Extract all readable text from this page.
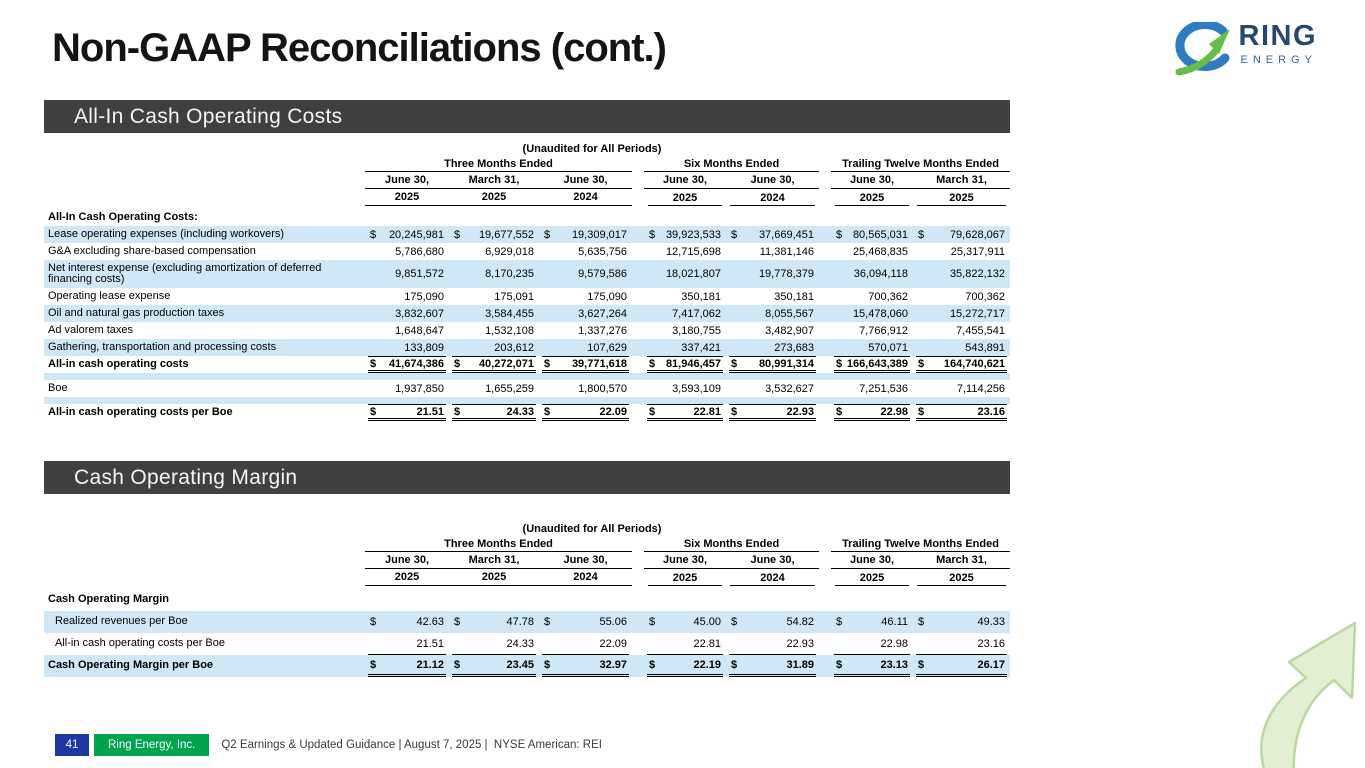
Non-GAAP Reconciliations (cont.)	RING
ENERGY
All-In Cash Operating Costs
(Unaudited for All Periods)
Three Months Ended	Six Months Ended	Trailing Twelve Months Ended
June 30,	March 31,	June 30,	June 30,	June 30,	June 30,	March 31,
2025	2025	2024	2025	2024	2025	2025
All-In Cash Operating Costs:
Lease operating expenses (including workovers)	$ 20,245,981 $ 19,677,552 $ 19,309,017 $ 39,923,533 $ 37,669,451 $ 80,565,031 $ 79,628,067
G&A excluding share-based compensation	5,786,680	6,929,018	5,635,756	12,715,698	11,381,146	25,468,835	25,317,911
Net interest expense (excluding amortization of deferred financing costs)	9,851,572	8,170,235	9,579,586	18,021,807	19,778,379	36,094,118	35,822,132
Operating lease expense	175,090	175,091	175,090	350,181	350,181	700,362	700,362
Oil and natural gas production taxes	3,832,607	3,584,455	3,627,264	7,417,062	8,055,567	15,478,060	15,272,717
Ad valorem taxes	1,648,647	1,532,108	1,337,276	3,180,755	3,482,907	7,766,912	7,455,541
Gathering, transportation and processing costs	133,809	203,612	107,629	337,421	273,683	570,071	543,891
All-in cash operating costs	$ 41,674,386 $ 40,272,071 $ 39,771,618 $ 81,946,457 $ 80,991,314 $ 166,643,389 $ 164,740,621
Boe	1,937,850	1,655,259	1,800,570	3,593,109	3,532,627	7,251,536	7,114,256
All-in cash operating costs per Boe	$	21.51 $	24.33 $	22.09 $	22.81 $	22.93 $	22.98 $	23.16
Cash Operating Margin
(Unaudited for All Periods)
Three Months Ended	Six Months Ended	Trailing Twelve Months Ended
June 30,	March 31,	June 30,	June 30,	June 30,	June 30,	March 31,
2025	2025	2024	2025	2024	2025	2025
Cash Operating Margin
Realized revenues per Boe	$	42.63 $	47.78 $	55.06 $	45.00 $	54.82 $	46.11 $	49.33
All-in cash operating costs per Boe	21.51	24.33	22.09	22.81	22.93	22.98	23.16
Cash Operating Margin per Boe	$	21.12 $	23.45 $	32.97 $	22.19 $	31.89 $	23.13 $	26.17
41	Ring Energy, Inc.	Q2 Earnings & Updated Guidance | August 7, 2025 |  NYSE American: REI
